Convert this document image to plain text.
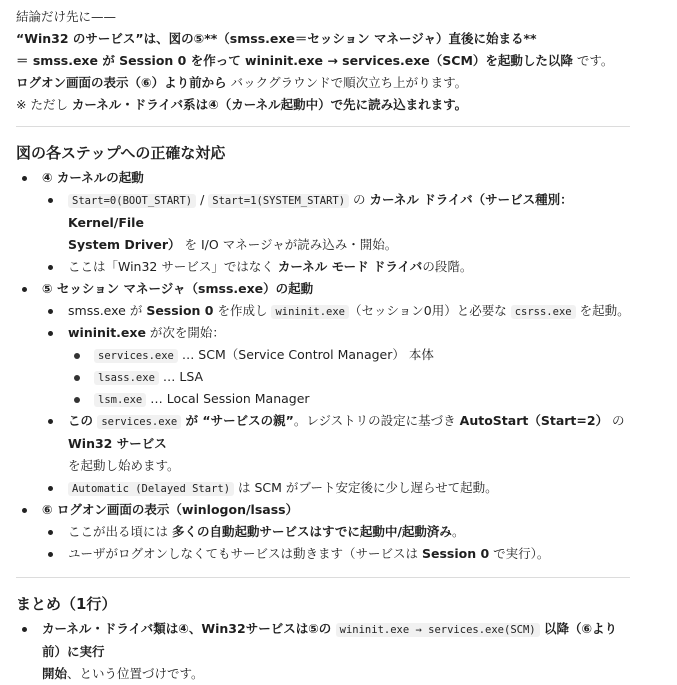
結論だけ先に——
“Win32 のサービス”は、図の⑤**（smss.exe＝セッション マネージャ）直後に始まる**
＝ smss.exe が Session 0 を作って wininit.exe → services.exe（SCM）を起動した以降 です。
ログオン画面の表示（⑥）より前から バックグラウンドで順次立ち上がります。
※ ただし カーネル・ドライバ系は④（カーネル起動中）で先に読み込まれます。
図の各ステップへの正確な対応
④ カーネルの起動
Start=0(BOOT_START) / Start=1(SYSTEM_START) の カーネル ドライバ（サービス種別：Kernel/File
System Driver） を I/O マネージャが読み込み・開始。
ここは「Win32 サービス」ではなく カーネル モード ドライバの段階。
⑤ セッション マネージャ（smss.exe）の起動
smss.exe が Session 0 を作成し wininit.exe （セッション0用）と必要な csrss.exe を起動。
wininit.exe が次を開始：
services.exe … SCM（Service Control Manager） 本体
lsass.exe … LSA
lsm.exe … Local Session Manager
この services.exe が “サービスの親”。レジストリの設定に基づき AutoStart（Start=2） の Win32 サービス
を起動し始めます。
Automatic (Delayed Start) は SCM がブート安定後に少し遅らせて起動。
⑥ ログオン画面の表示（winlogon/lsass）
ここが出る頃には 多くの自動起動サービスはすでに起動中/起動済み。
ユーザがログオンしなくてもサービスは動きます（サービスは Session 0 で実行）。
まとめ（1行）
カーネル・ドライバ類は④、Win32サービスは⑤の wininit.exe → services.exe(SCM) 以降（⑥より前）に実行
開始、という位置づけです。
